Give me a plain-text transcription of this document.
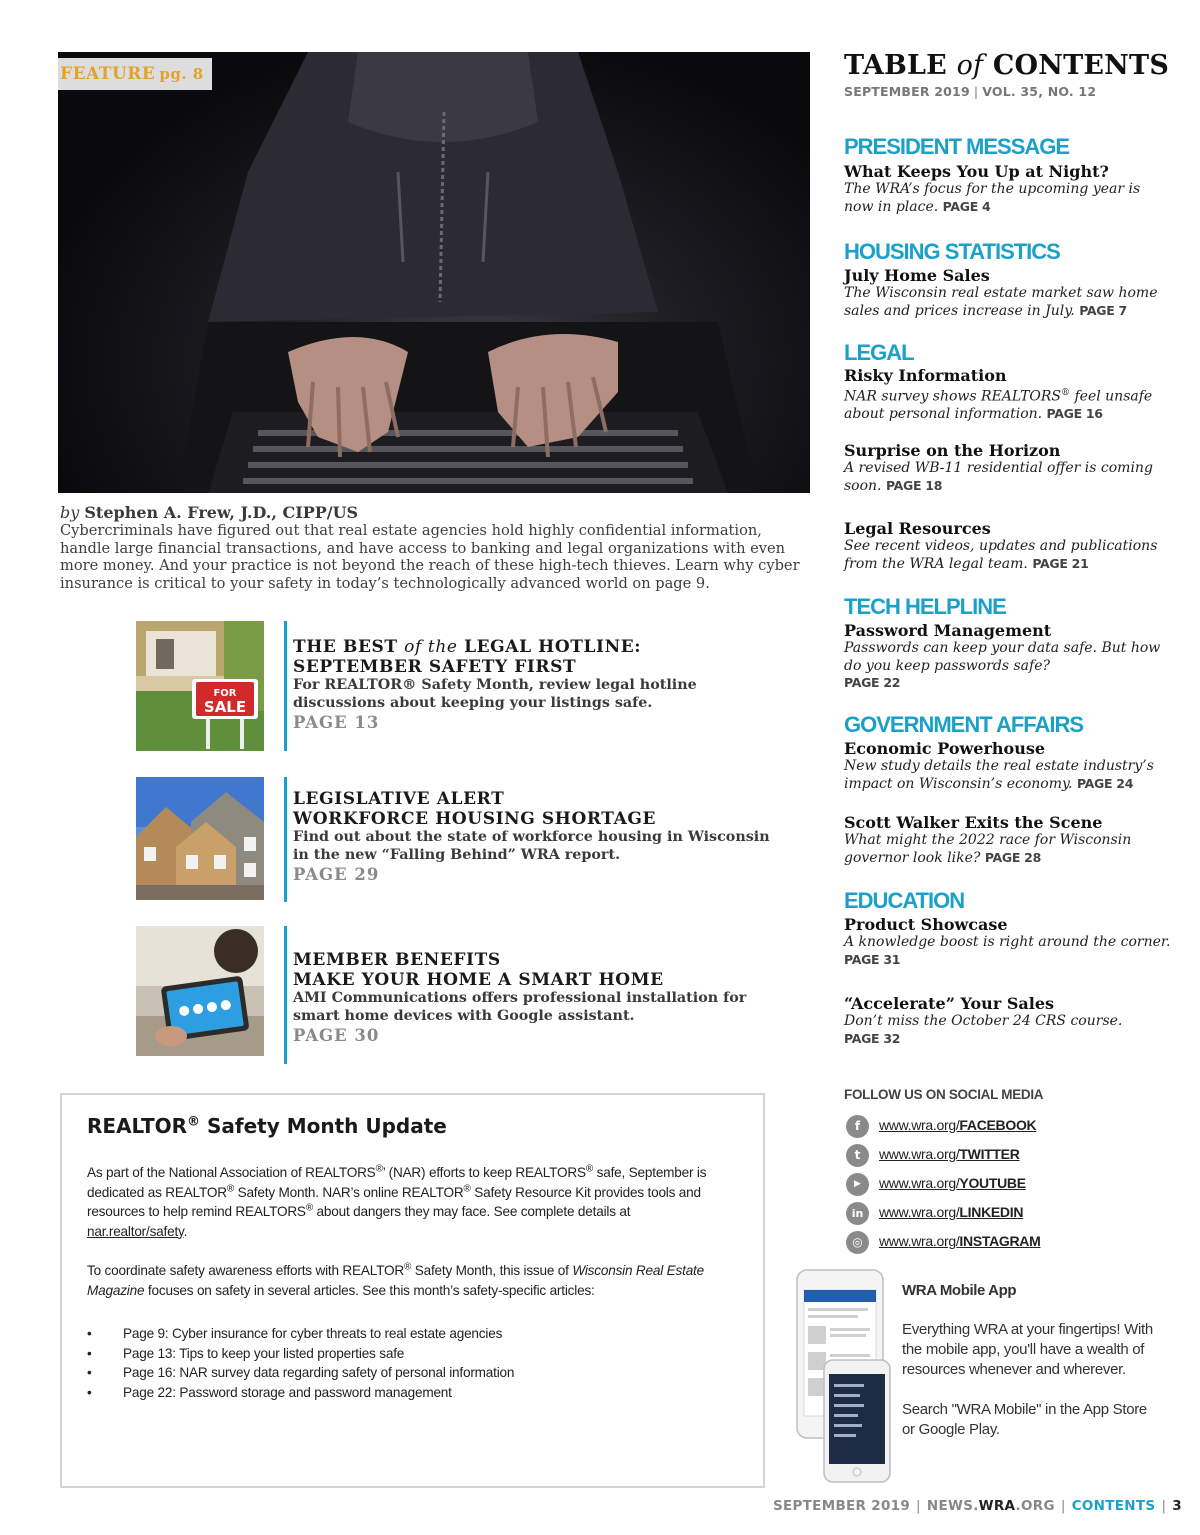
FEATURE pg. 8
by Stephen A. Frew, J.D., CIPP/US

Cybercriminals have figured out that real estate agencies hold highly confidential information, handle large financial transactions, and have access to banking and legal organizations with even more money. And your practice is not beyond the reach of these high-tech thieves. Learn why cyber insurance is critical to your safety in today’s technologically advanced world on page 9.

FOR
SALE
THE BEST of the LEGAL HOTLINE:
SEPTEMBER SAFETY FIRST

For REALTOR® Safety Month, review legal hotline discussions about keeping your listings safe.

PAGE 13
LEGISLATIVE ALERT
WORKFORCE HOUSING SHORTAGE

Find out about the state of workforce housing in Wisconsin in the new “Falling Behind” WRA report.

PAGE 29
MEMBER BENEFITS
MAKE YOUR HOME A SMART HOME

AMI Communications offers professional installation for smart home devices with Google assistant.

PAGE 30
REALTOR® Safety Month Update

As part of the National Association of REALTORS®’ (NAR) efforts to keep REALTORS® safe, September is dedicated as REALTOR® Safety Month. NAR’s online REALTOR® Safety Resource Kit provides tools and resources to help remind REALTORS® about dangers they may face. See complete details at nar.realtor/safety.

To coordinate safety awareness efforts with REALTOR® Safety Month, this issue of Wisconsin Real Estate Magazine focuses on safety in several articles. See this month’s safety-specific articles:

• Page 9: Cyber insurance for cyber threats to real estate agencies
• Page 13: Tips to keep your listed properties safe
• Page 16: NAR survey data regarding safety of personal information
• Page 22: Password storage and password management
TABLE of CONTENTS
SEPTEMBER 2019 | VOL. 35, NO. 12
PRESIDENT MESSAGE
What Keeps You Up at Night?

The WRA’s focus for the upcoming year is now in place. PAGE 4

HOUSING STATISTICS
July Home Sales

The Wisconsin real estate market saw home sales and prices increase in July. PAGE 7

LEGAL
Risky Information

NAR survey shows REALTORS® feel unsafe about personal information. PAGE 16

Surprise on the Horizon

A revised WB-11 residential offer is coming soon. PAGE 18

Legal Resources

See recent videos, updates and publications from the WRA legal team. PAGE 21

TECH HELPLINE
Password Management

Passwords can keep your data safe. But how do you keep passwords safe?
PAGE 22

GOVERNMENT AFFAIRS
Economic Powerhouse

New study details the real estate industry’s impact on Wisconsin’s economy. PAGE 24

Scott Walker Exits the Scene

What might the 2022 race for Wisconsin governor look like? PAGE 28

EDUCATION
Product Showcase

A knowledge boost is right around the corner. PAGE 31

“Accelerate” Your Sales

Don’t miss the October 24 CRS course.
PAGE 32

FOLLOW US ON SOCIAL MEDIA
f	www.wra.org/FACEBOOK
t	www.wra.org/TWITTER
▶	www.wra.org/YOUTUBE
in	www.wra.org/LINKEDIN
◎	www.wra.org/INSTAGRAM
WRA Mobile App

Everything WRA at your fingertips! With the mobile app, you'll have a wealth of resources whenever and wherever.

Search "WRA Mobile" in the App Store or Google Play.

SEPTEMBER 2019 | NEWS.WRA.ORG | CONTENTS | 3
